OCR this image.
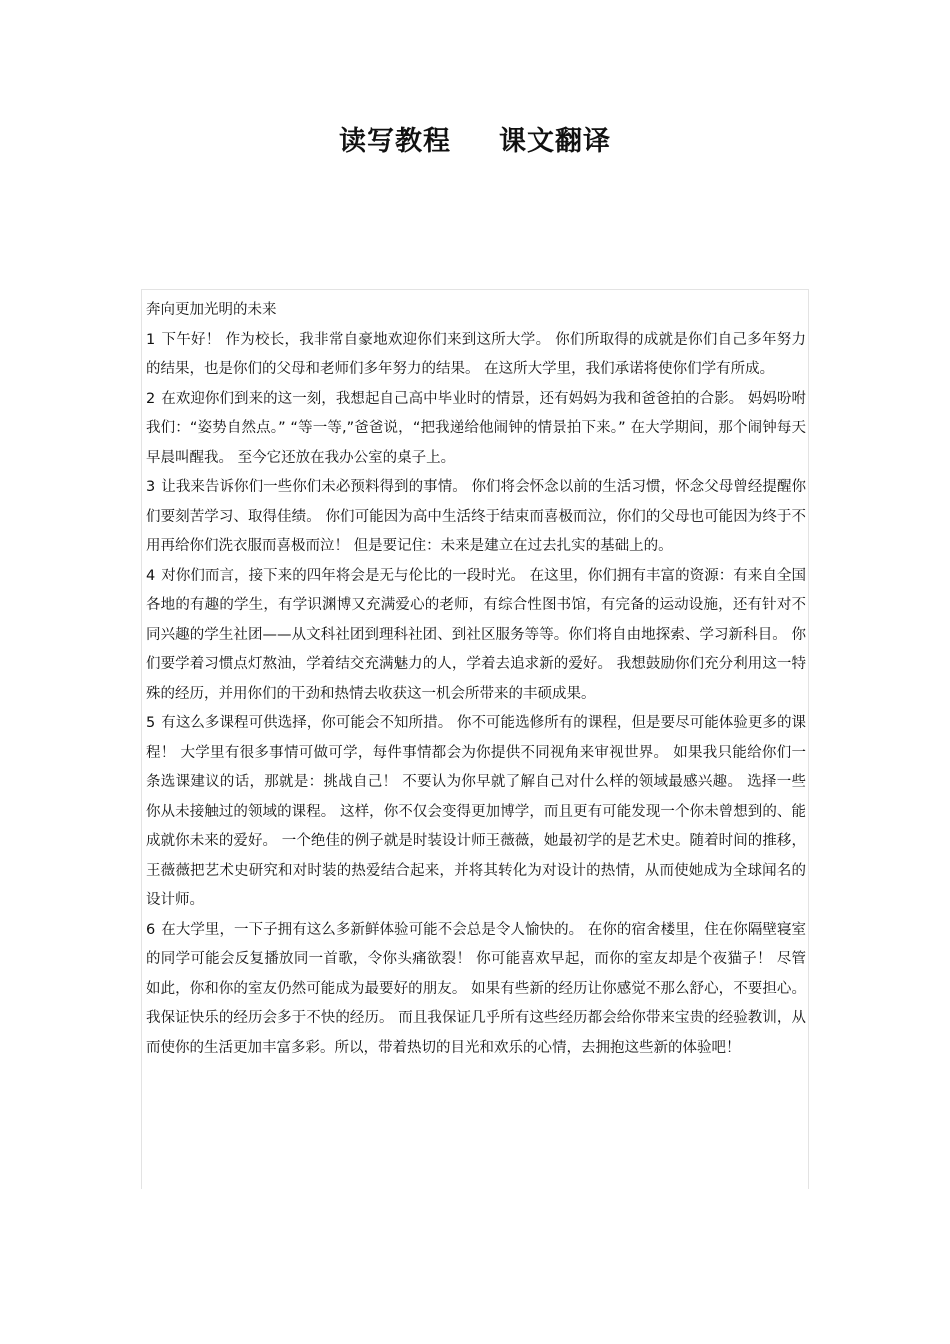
读写教程 课文翻译

奔向更加光明的未来

1 下午好！ 作为校长，我非常自豪地欢迎你们来到这所大学。 你们所取得的成就是你们自己多年努力的结果，也是你们的父母和老师们多年努力的结果。 在这所大学里，我们承诺将使你们学有所成。

2 在欢迎你们到来的这一刻，我想起自己高中毕业时的情景，还有妈妈为我和爸爸拍的合影。 妈妈吩咐我们：“姿势自然点。” “等一等,”爸爸说，“把我递给他闹钟的情景拍下来。” 在大学期间，那个闹钟每天早晨叫醒我。 至今它还放在我办公室的桌子上。

3 让我来告诉你们一些你们未必预料得到的事情。 你们将会怀念以前的生活习惯，怀念父母曾经提醒你们要刻苦学习、取得佳绩。 你们可能因为高中生活终于结束而喜极而泣，你们的父母也可能因为终于不用再给你们洗衣服而喜极而泣！ 但是要记住：未来是建立在过去扎实的基础上的。

4 对你们而言，接下来的四年将会是无与伦比的一段时光。 在这里，你们拥有丰富的资源：有来自全国各地的有趣的学生，有学识渊博又充满爱心的老师，有综合性图书馆，有完备的运动设施，还有针对不同兴趣的学生社团——从文科社团到理科社团、到社区服务等等。你们将自由地探索、学习新科目。 你们要学着习惯点灯熬油，学着结交充满魅力的人，学着去追求新的爱好。 我想鼓励你们充分利用这一特殊的经历，并用你们的干劲和热情去收获这一机会所带来的丰硕成果。

5 有这么多课程可供选择，你可能会不知所措。 你不可能选修所有的课程，但是要尽可能体验更多的课程！ 大学里有很多事情可做可学，每件事情都会为你提供不同视角来审视世界。 如果我只能给你们一条选课建议的话，那就是：挑战自己！ 不要认为你早就了解自己对什么样的领域最感兴趣。 选择一些你从未接触过的领域的课程。 这样，你不仅会变得更加博学，而且更有可能发现一个你未曾想到的、能成就你未来的爱好。 一个绝佳的例子就是时装设计师王薇薇，她最初学的是艺术史。随着时间的推移，王薇薇把艺术史研究和对时装的热爱结合起来，并将其转化为对设计的热情，从而使她成为全球闻名的设计师。

6 在大学里，一下子拥有这么多新鲜体验可能不会总是令人愉快的。 在你的宿舍楼里，住在你隔壁寝室的同学可能会反复播放同一首歌，令你头痛欲裂！ 你可能喜欢早起，而你的室友却是个夜猫子！ 尽管如此，你和你的室友仍然可能成为最要好的朋友。 如果有些新的经历让你感觉不那么舒心，不要担心。 我保证快乐的经历会多于不快的经历。 而且我保证几乎所有这些经历都会给你带来宝贵的经验教训，从而使你的生活更加丰富多彩。所以，带着热切的目光和欢乐的心情，去拥抱这些新的体验吧！
